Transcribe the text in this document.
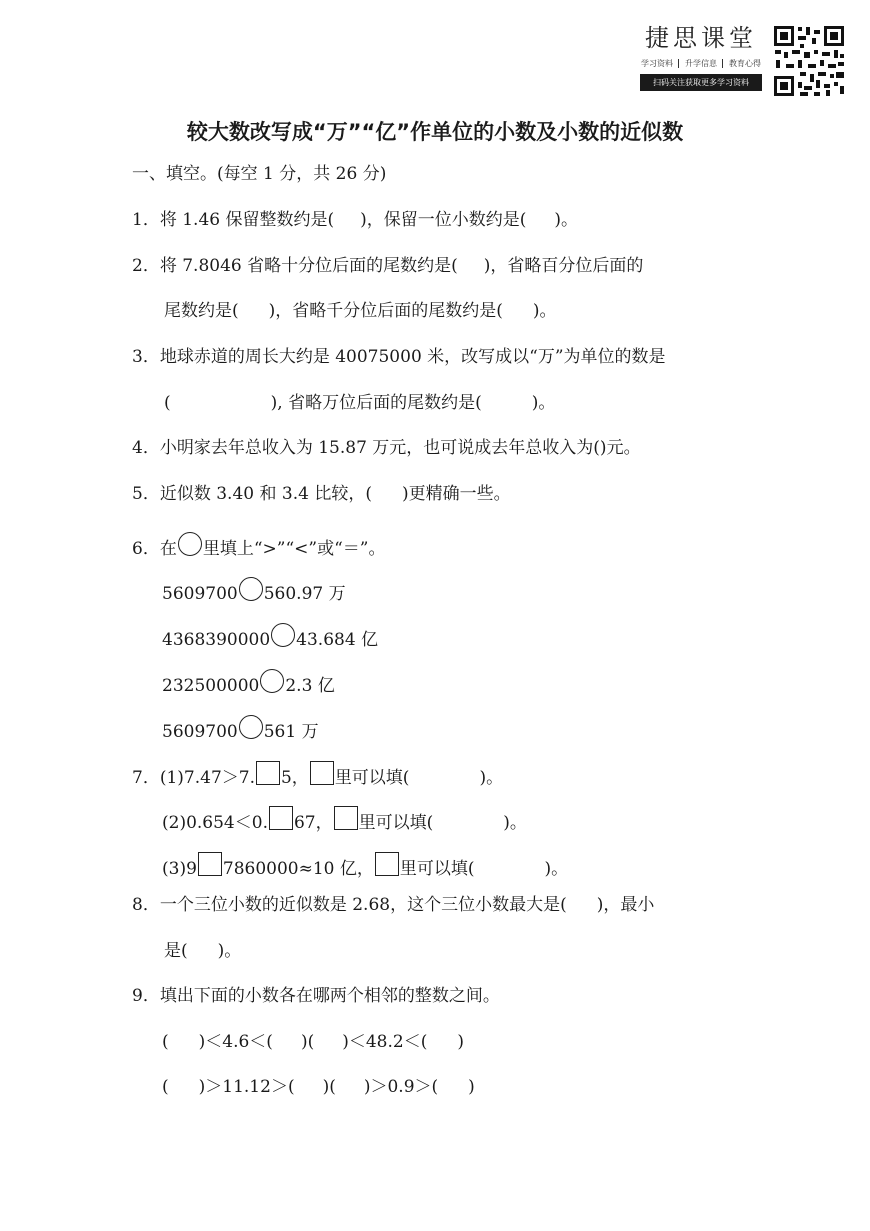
捷思课堂
学习资料 升学信息 教育心得
扫码关注获取更多学习资料
较大数改写成“万”“亿”作单位的小数及小数的近似数
一、填空。(每空 1 分，共 26 分)
1．将 1.46 保留整数约是( )，保留一位小数约是( )。
2．将 7.8046 省略十分位后面的尾数约是( )，省略百分位后面的
尾数约是( )，省略千分位后面的尾数约是( )。
3．地球赤道的周长大约是 40075000 米，改写成以“万”为单位的数是
(	), 省略万位后面的尾数约是(	)。
4．小明家去年总收入为 15.87 万元，也可说成去年总收入为()元。
5．近似数 3.40 和 3.4 比较，( )更精确一些。
6．在 里填上“>”“<”或“＝”。
5609700 560.97 万
4368390000 43.684 亿
232500000 2.3 亿
5609700 561 万
7．(1)7.47＞7. 5， 里可以填(	)。
(2)0.654＜0. 67， 里可以填(	)。
(3)9 7860000≈10 亿， 里可以填(	)。
8．一个三位小数的近似数是 2.68，这个三位小数最大是( )，最小
是( )。
9．填出下面的小数各在哪两个相邻的整数之间。
( )＜4.6＜( )( )＜48.2＜( )
( )＞11.12＞( )( )＞0.9＞( )
